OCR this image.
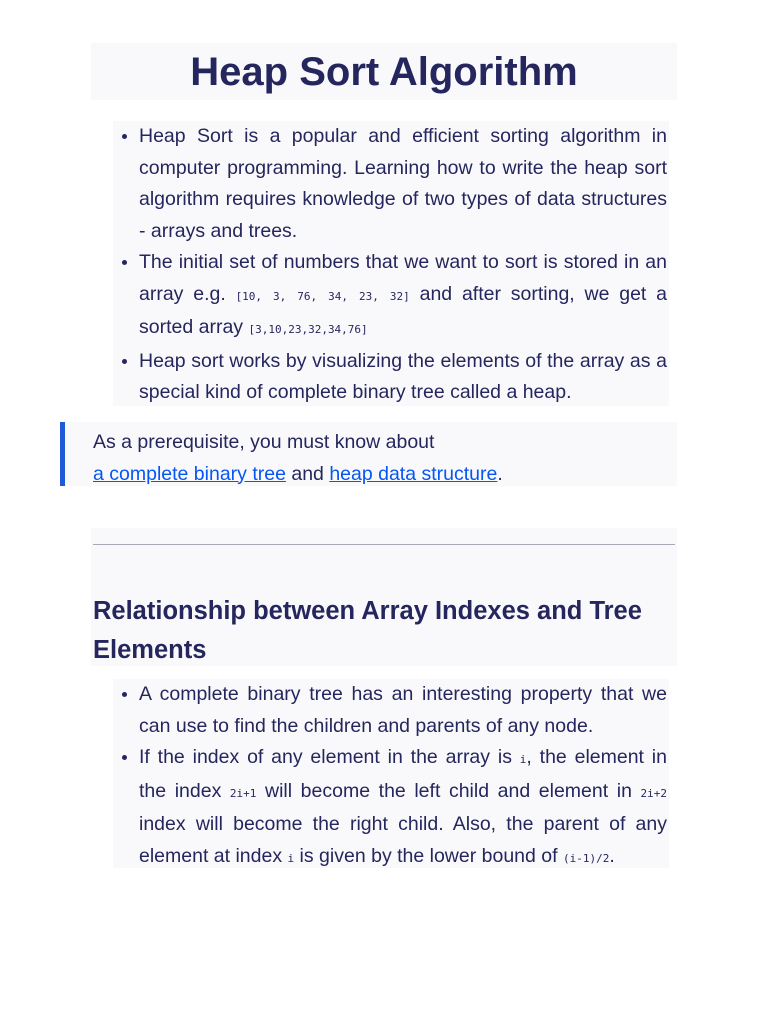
Heap Sort Algorithm
• Heap Sort is a popular and efficient sorting algorithm in computer programming. Learning how to write the heap sort algorithm requires knowledge of two types of data structures - arrays and trees.
• The initial set of numbers that we want to sort is stored in an array e.g. [10, 3, 76, 34, 23, 32] and after sorting, we get a sorted array [3,10,23,32,34,76]
• Heap sort works by visualizing the elements of the array as a special kind of complete binary tree called a heap.
As a prerequisite, you must know about
a complete binary tree and heap data structure.
Relationship between Array Indexes and Tree Elements
• A complete binary tree has an interesting property that we can use to find the children and parents of any node.
• If the index of any element in the array is i, the element in the index 2i+1 will become the left child and element in 2i+2 index will become the right child. Also, the parent of any element at index i is given by the lower bound of (i-1)/2.
